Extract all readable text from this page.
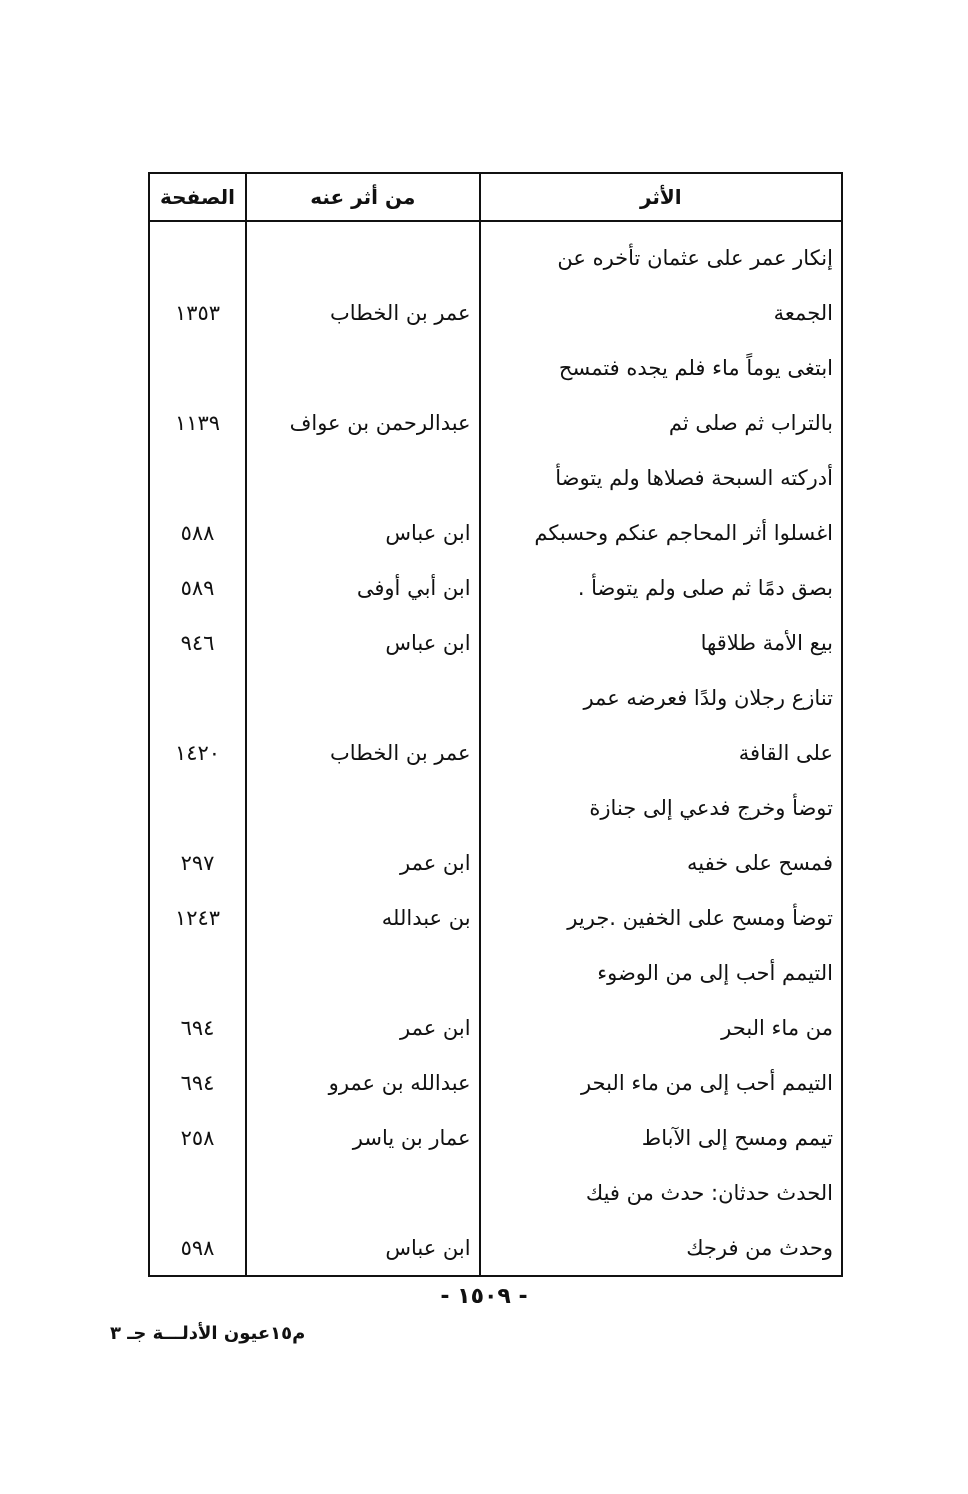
الأثر	من أثر عنه	الصفحة
إنكار عمر على عثمان تأخره عن		
الجمعة	عمر بن الخطاب	١٣٥٣
ابتغى يوماً ماء فلم يجده فتمسح		
بالتراب ثم صلى ثم	عبدالرحمن بن عواف	١١٣٩
أدركته السبحة فصلاها ولم يتوضأ		
اغسلوا أثر المحاجم عنكم وحسبكم	ابن عباس	٥٨٨
بصق دمًا ثم صلى ولم يتوضأ .	ابن أبي أوفى	٥٨٩
بيع الأمة طلاقها	ابن عباس	٩٤٦
تنازع رجلان ولدًا فعرضه عمر		
على القافة	عمر بن الخطاب	١٤٢٠
توضأ وخرج فدعي إلى جنازة		
فمسح على خفيه	ابن عمر	٢٩٧
توضأ ومسح على الخفين .جرير	بن عبدالله	١٢٤٣
التيمم أحب إلى من الوضوء		
من ماء البحر	ابن عمر	٦٩٤
التيمم أحب إلى من ماء البحر	عبدالله بن عمرو	٦٩٤
تيمم ومسح إلى الآباط	عمار بن ياسر	٢٥٨
الحدث حدثان: حدث من فيك		
وحدث من فرجك	ابن عباس	٥٩٨
- ١٥٠٩ -
م١٥عيون الأدلـــة جـ ٣
